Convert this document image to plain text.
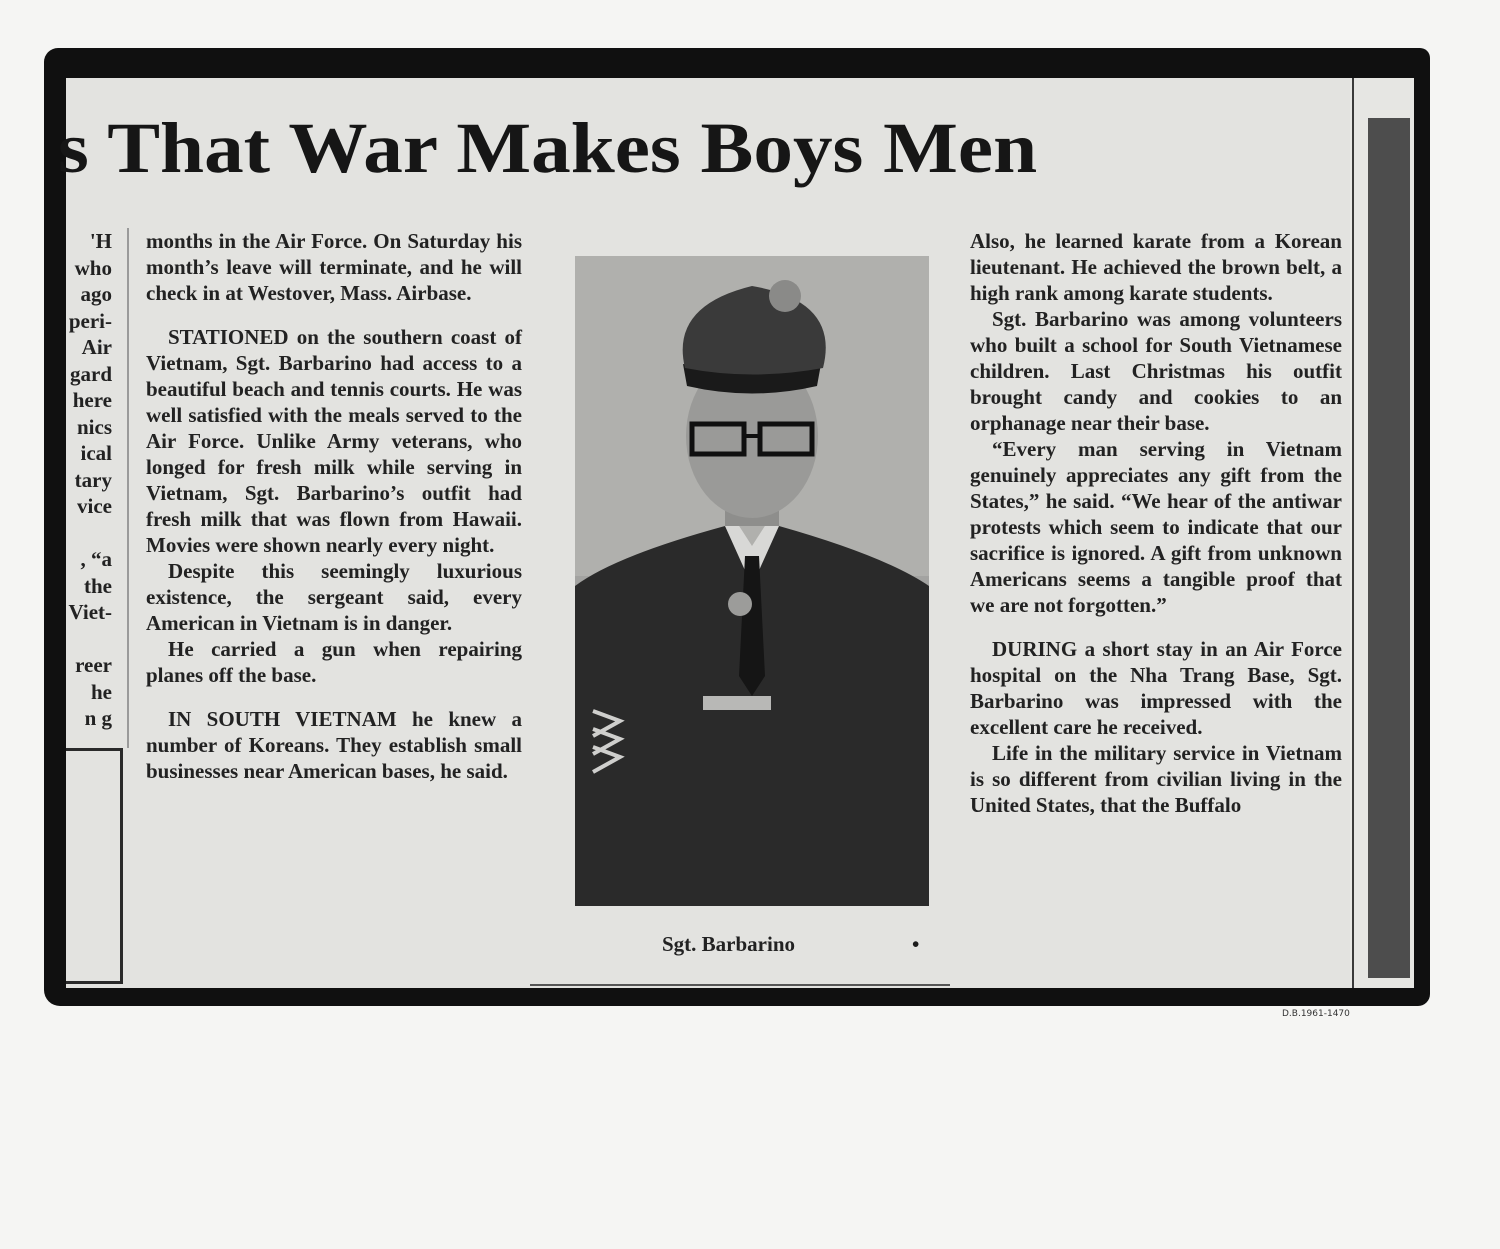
s That War Makes Boys Men
'H
who
ago
peri-
Air
gard
here
nics
ical
tary
vice

, “a
the
Viet-

reer
he
n g

months in the Air Force. On Saturday his month’s leave will terminate, and he will check in at Westover, Mass. Airbase.

STATIONED on the southern coast of Vietnam, Sgt. Barbarino had access to a beautiful beach and tennis courts. He was well satisfied with the meals served to the Air Force. Unlike Army veterans, who longed for fresh milk while serving in Vietnam, Sgt. Barbarino’s outfit had fresh milk that was flown from Hawaii. Movies were shown nearly every night.

Despite this seemingly luxurious existence, the sergeant said, every American in Vietnam is in danger.

He carried a gun when repairing planes off the base.

IN SOUTH VIETNAM he knew a number of Koreans. They establish small businesses near American bases, he said.

Sgt. Barbarino	•

Also, he learned karate from a Korean lieutenant. He achieved the brown belt, a high rank among karate students.

Sgt. Barbarino was among volunteers who built a school for South Vietnamese children. Last Christmas his outfit brought candy and cookies to an orphanage near their base.

“Every man serving in Vietnam genuinely appreciates any gift from the States,” he said. “We hear of the antiwar protests which seem to indicate that our sacrifice is ignored. A gift from unknown Americans seems a tangible proof that we are not forgotten.”

DURING a short stay in an Air Force hospital on the Nha Trang Base, Sgt. Barbarino was impressed with the excellent care he received.

Life in the military service in Vietnam is so different from civilian living in the United States, that the Buffalo

D.B.1961-1470
